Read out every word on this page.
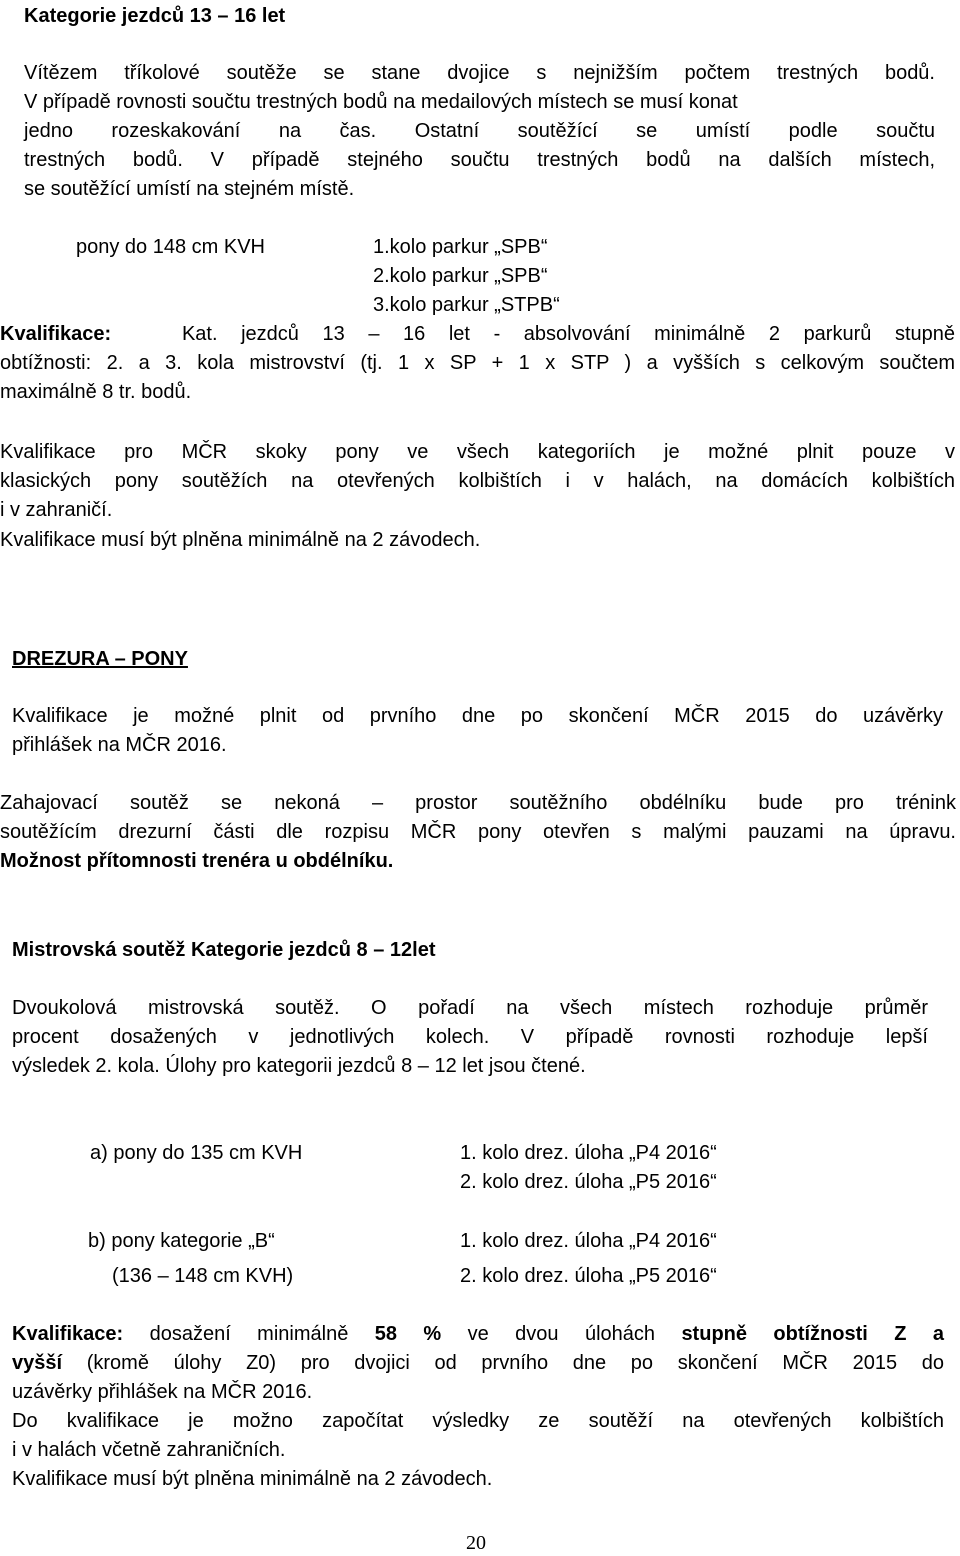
Kategorie jezdců 13 – 16 let
Vítězem tříkolové soutěže se stane dvojice s nejnižším počtem trestných bodů.
V případě rovnosti součtu trestných bodů na medailových místech se musí konat
jedno rozeskakování na čas. Ostatní soutěžící se umístí podle součtu
trestných bodů. V případě stejného součtu trestných bodů na dalších místech,
se soutěžící umístí na stejném místě.
pony do 148 cm KVH	1.kolo parkur „SPB“
2.kolo parkur „SPB“
3.kolo parkur „STPB“
Kvalifikace:	Kat. jezdců 13 – 16 let - absolvování minimálně 2 parkurů stupně
obtížnosti: 2. a 3. kola mistrovství (tj. 1 x SP + 1 x STP ) a vyšších s celkovým součtem
maximálně 8 tr. bodů.
Kvalifikace pro MČR skoky pony ve všech kategoriích je možné plnit pouze v
klasických pony soutěžích na otevřených kolbištích i v halách, na domácích kolbištích
i v zahraničí.
Kvalifikace musí být plněna minimálně na 2 závodech.
DREZURA – PONY
Kvalifikace je možné plnit od prvního dne po skončení MČR 2015 do uzávěrky
přihlášek na MČR 2016.
Zahajovací soutěž se nekoná – prostor soutěžního obdélníku bude pro trénink
soutěžícím drezurní části dle rozpisu MČR pony otevřen s malými pauzami na úpravu.
Možnost přítomnosti trenéra u obdélníku.
Mistrovská soutěž Kategorie jezdců 8 – 12let
Dvoukolová mistrovská soutěž. O pořadí na všech místech rozhoduje průměr
procent dosažených v jednotlivých kolech. V případě rovnosti rozhoduje lepší
výsledek 2. kola. Úlohy pro kategorii jezdců 8 – 12 let jsou čtené.
a) pony do 135 cm KVH	1. kolo drez. úloha „P4 2016“
2. kolo drez. úloha „P5 2016“
b) pony kategorie „B“	1. kolo drez. úloha „P4 2016“
(136 – 148 cm KVH)	2. kolo drez. úloha „P5 2016“
Kvalifikace: dosažení minimálně 58 % ve dvou úlohách stupně obtížnosti Z a
vyšší (kromě úlohy Z0) pro dvojici od prvního dne po skončení MČR 2015 do
uzávěrky přihlášek na MČR 2016.
Do kvalifikace je možno započítat výsledky ze soutěží na otevřených kolbištích
i v halách včetně zahraničních.
Kvalifikace musí být plněna minimálně na 2 závodech.
20
